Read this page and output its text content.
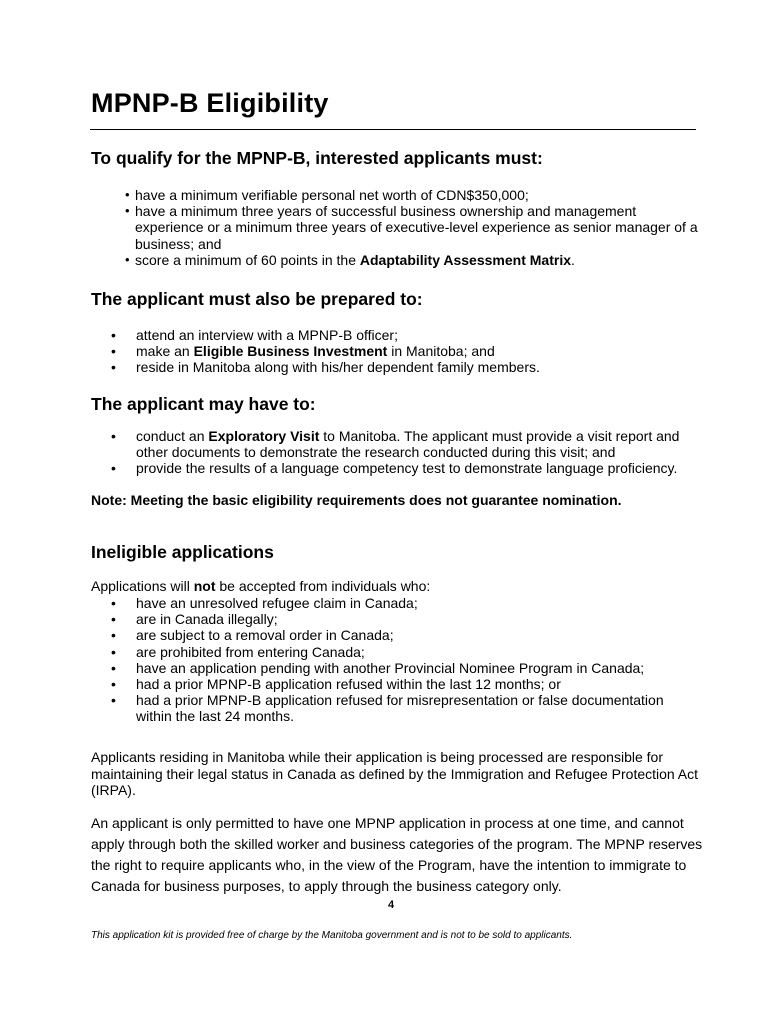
MPNP-B Eligibility
To qualify for the MPNP-B, interested applicants must:
• have a minimum verifiable personal net worth of CDN$350,000;
• have a minimum three years of successful business ownership and management experience or a minimum three years of executive-level experience as senior manager of a business; and
• score a minimum of 60 points in the Adaptability Assessment Matrix.
The applicant must also be prepared to:
• attend an interview with a MPNP-B officer;
• make an Eligible Business Investment in Manitoba; and
• reside in Manitoba along with his/her dependent family members.
The applicant may have to:
• conduct an Exploratory Visit to Manitoba. The applicant must provide a visit report and other documents to demonstrate the research conducted during this visit; and
• provide the results of a language competency test to demonstrate language proficiency.

Note: Meeting the basic eligibility requirements does not guarantee nomination.

Ineligible applications

Applications will not be accepted from individuals who:

• have an unresolved refugee claim in Canada;
• are in Canada illegally;
• are subject to a removal order in Canada;
• are prohibited from entering Canada;
• have an application pending with another Provincial Nominee Program in Canada;
• had a prior MPNP-B application refused within the last 12 months; or
• had a prior MPNP-B application refused for misrepresentation or false documentation within the last 24 months.

Applicants residing in Manitoba while their application is being processed are responsible for maintaining their legal status in Canada as defined by the Immigration and Refugee Protection Act (IRPA).

An applicant is only permitted to have one MPNP application in process at one time, and cannot apply through both the skilled worker and business categories of the program. The MPNP reserves the right to require applicants who, in the view of the Program, have the intention to immigrate to Canada for business purposes, to apply through the business category only.

4

This application kit is provided free of charge by the Manitoba government and is not to be sold to applicants.
